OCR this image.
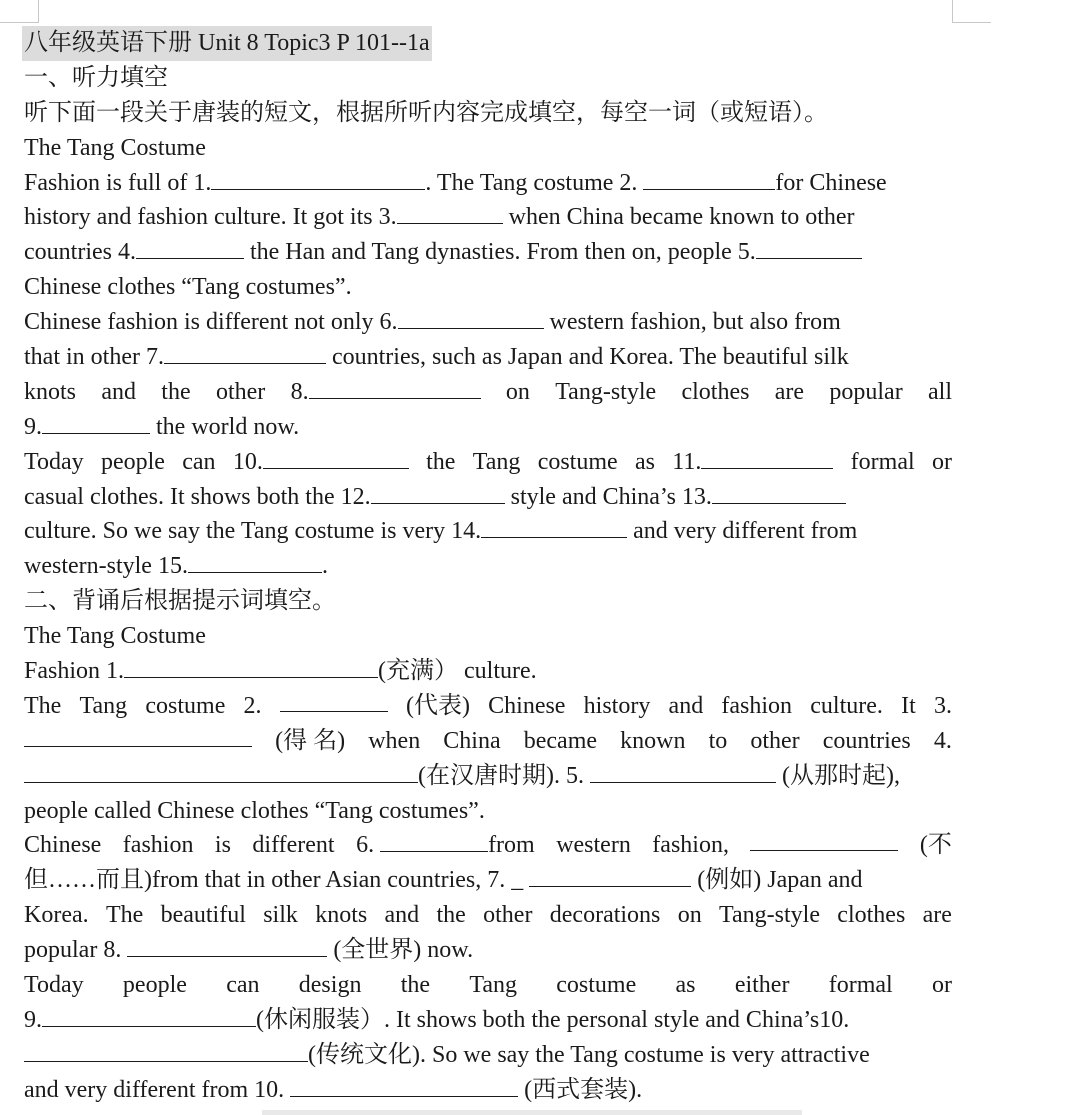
八年级英语下册 Unit 8 Topic3 P 101--1a
一、听力填空
听下面一段关于唐装的短文，根据所听内容完成填空，每空一词（或短语）。
The Tang Costume
Fashion is full of 1.	. The Tang costume 2.	for Chinese
history and fashion culture. It got its 3.	when China became known to other
countries 4.	the Han and Tang dynasties. From then on, people 5.
Chinese clothes “Tang costumes”.
Chinese fashion is different not only 6.	western fashion, but also from
that in other 7.	countries, such as Japan and Korea. The beautiful silk
knots and the other 8.	on Tang-style clothes are popular all
9.	the world now.
Today people can 10.	the Tang costume as 11.	formal or
casual clothes. It shows both the 12.	style and China’s 13.
culture. So we say the Tang costume is very 14.	and very different from
western-style 15.	.
二、背诵后根据提示词填空。
The Tang Costume
Fashion 1.	(充满） culture.
The Tang costume 2.	(代表) Chinese history and fashion culture. It 3.
(得 名) when China became known to other countries 4.
(在汉唐时期). 5.	(从那时起),
people called Chinese clothes “Tang costumes”.
Chinese fashion is different 6.	from western fashion,	(不
但……而且)from that in other Asian countries, 7. _	(例如) Japan and
Korea. The beautiful silk knots and the other decorations on Tang-style clothes are
popular 8.	(全世界) now.
Today people can design the Tang costume as either formal or
9.	(休闲服装）. It shows both the personal style and China’s10.
(传统文化). So we say the Tang costume is very attractive
and very different from 10.	(西式套装).
